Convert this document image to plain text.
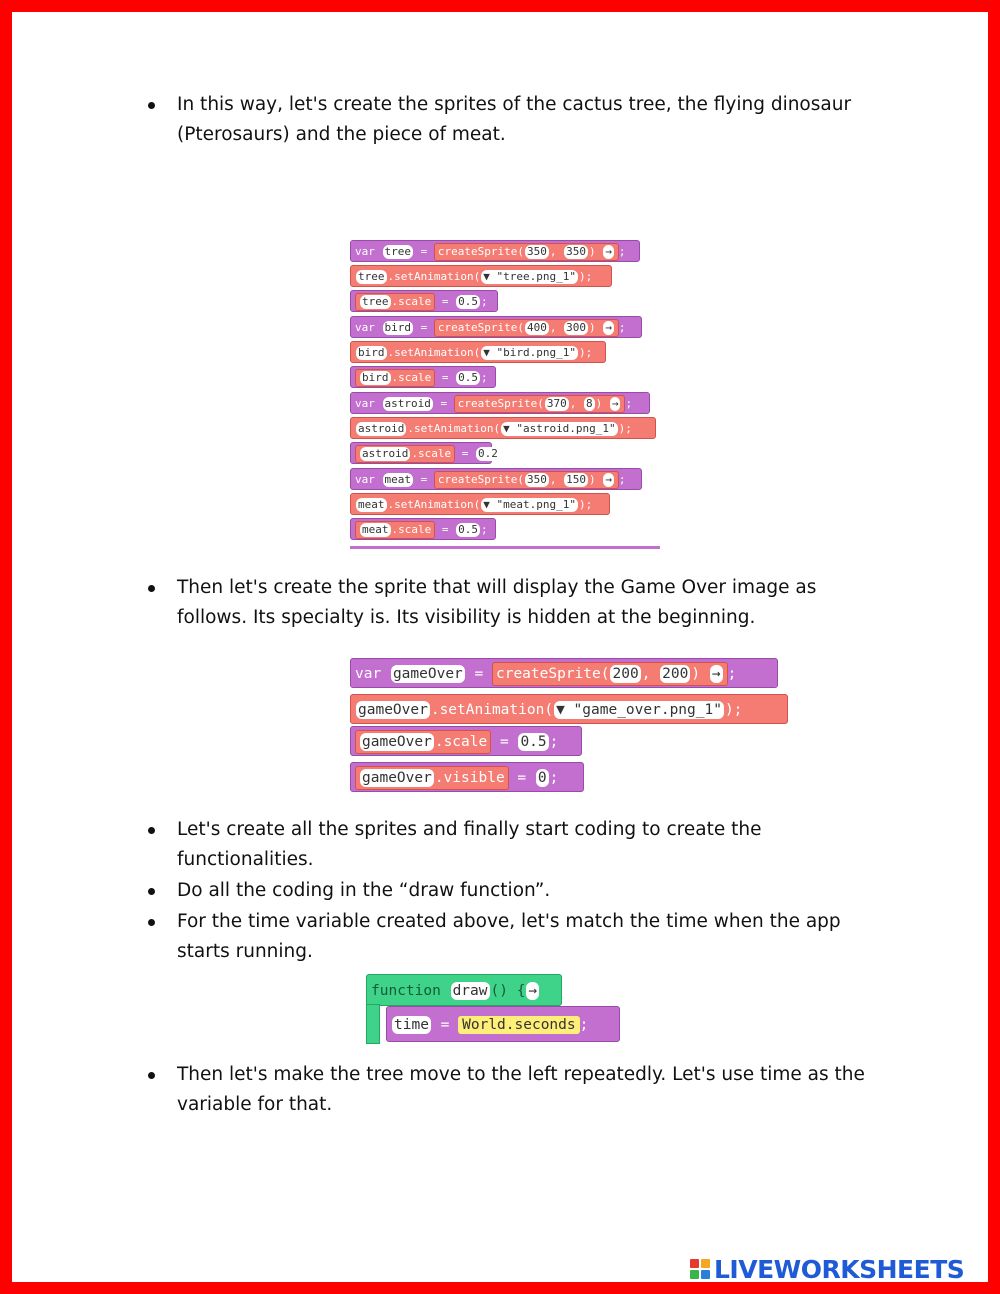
In this way, let's create the sprites of the cactus tree, the flying dinosaur (Pterosaurs) and the piece of meat.
var tree = createSprite( 350 , 350 ) → ;
tree .setAnimation( ▼ "tree.png_1" );
tree .scale = 0.5 ;
var bird = createSprite( 400 , 300 ) → ;
bird .setAnimation( ▼ "bird.png_1" );
bird .scale = 0.5 ;
var astroid = createSprite( 370 , 8 ) → ;
astroid .setAnimation( ▼ "astroid.png_1" );
astroid .scale = 0.2 ;
var meat = createSprite( 350 , 150 ) → ;
meat .setAnimation( ▼ "meat.png_1" );
meat .scale = 0.5 ;
Then let's create the sprite that will display the Game Over image as follows. Its specialty is. Its visibility is hidden at the beginning.
var gameOver = createSprite( 200 , 200 ) → ;
gameOver .setAnimation( ▼ "game_over.png_1" );
gameOver .scale = 0.5 ;
gameOver .visible = 0 ;
Let's create all the sprites and finally start coding to create the functionalities.
Do all the coding in the “draw function”.
For the time variable created above, let's match the time when the app starts running.
function draw () { →
time = World.seconds ;
Then let's make the tree move to the left repeatedly. Let's use time as the variable for that.
LIVEWORKSHEETS
